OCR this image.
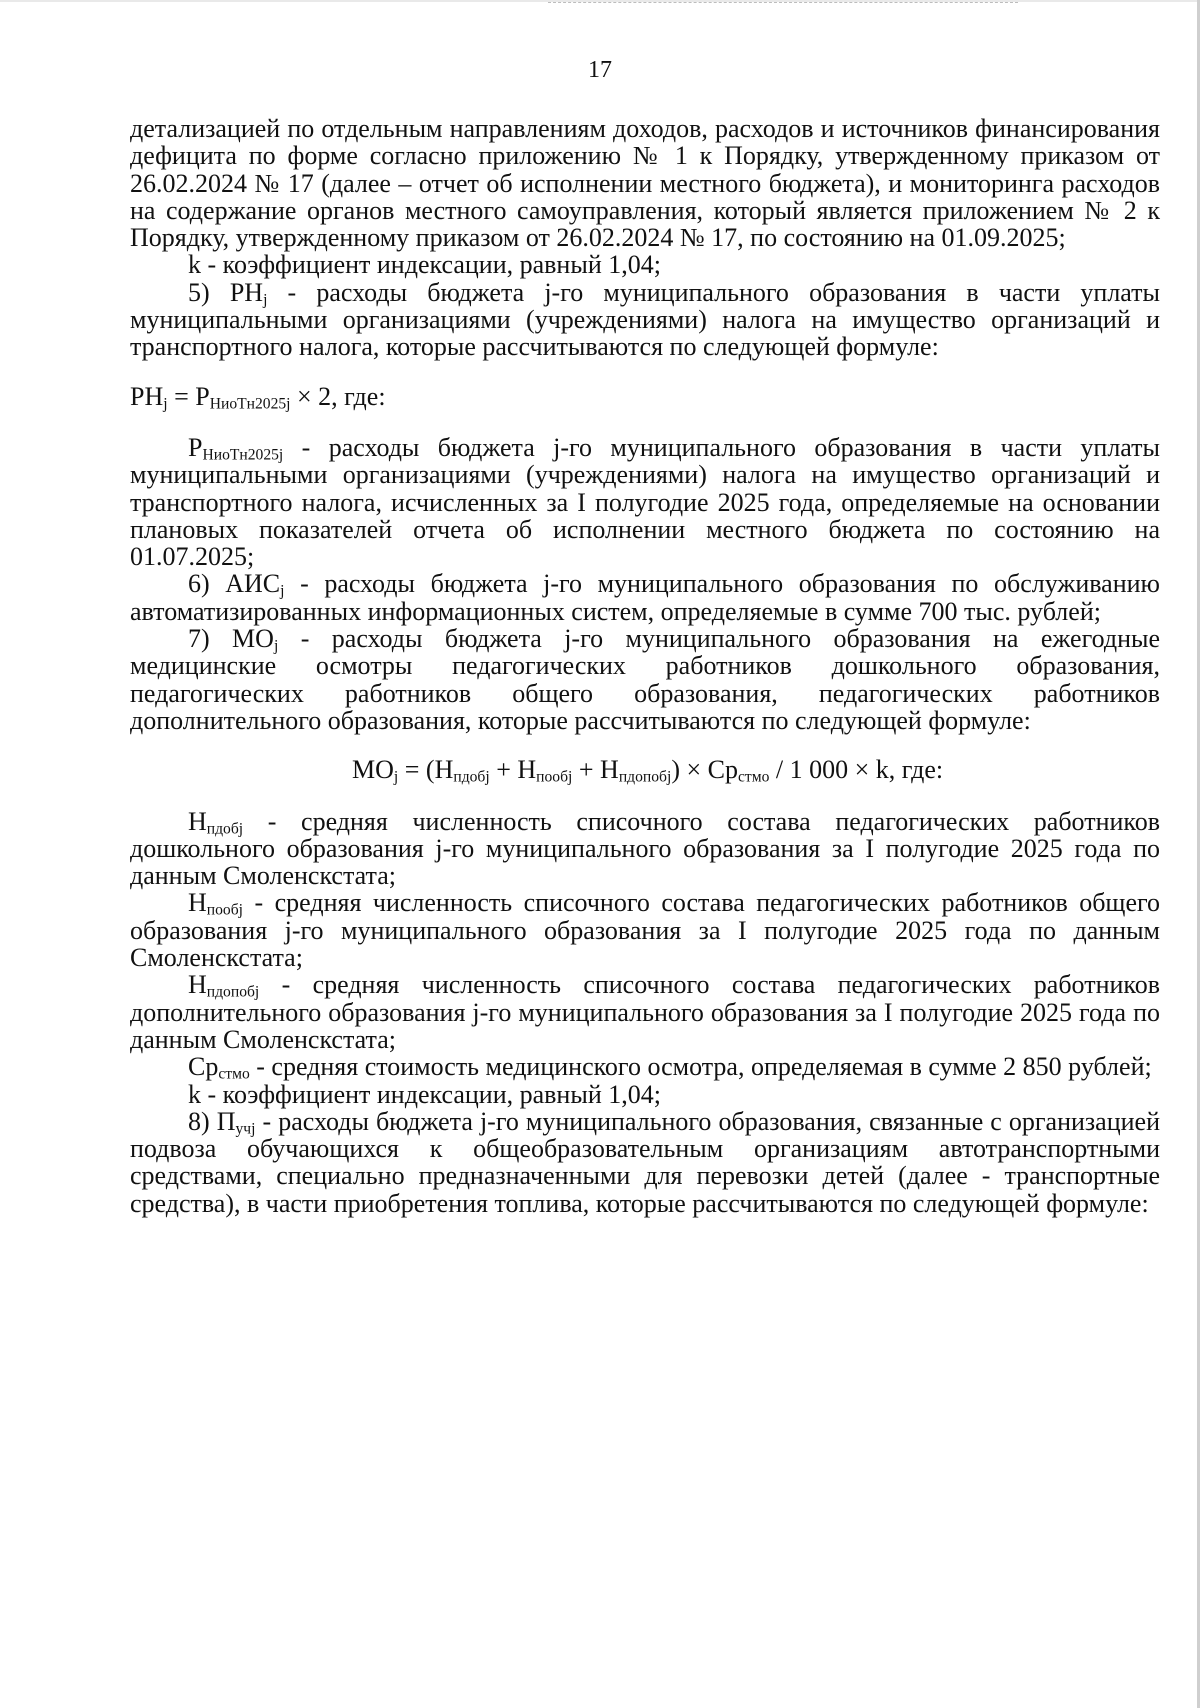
17

детализацией по отдельным направлениям доходов, расходов и источников финансирования дефицита по форме согласно приложению № 1 к Порядку, утвержденному приказом от 26.02.2024 № 17 (далее – отчет об исполнении местного бюджета), и мониторинга расходов на содержание органов местного самоуправления, который является приложением № 2 к Порядку, утвержденному приказом от 26.02.2024 № 17, по состоянию на 01.09.2025;

k - коэффициент индексации, равный 1,04;

5) $РН_j$ - расходы бюджета j-го муниципального образования в части уплаты муниципальными организациями (учреждениями) налога на имущество организаций и транспортного налога, которые рассчитываются по следующей формуле:

$РН_j = Р_{НиоТн2025j} \times 2$, где:

$Р_{НиоТн2025j}$ - расходы бюджета j-го муниципального образования в части уплаты муниципальными организациями (учреждениями) налога на имущество организаций и транспортного налога, исчисленных за I полугодие 2025 года, определяемые на основании плановых показателей отчета об исполнении местного бюджета по состоянию на 01.07.2025;

6) $АИС_j$ - расходы бюджета j-го муниципального образования по обслуживанию автоматизированных информационных систем, определяемые в сумме 700 тыс. рублей;

7) $МО_j$ - расходы бюджета j-го муниципального образования на ежегодные медицинские осмотры педагогических работников дошкольного образования, педагогических работников общего образования, педагогических работников дополнительного образования, которые рассчитываются по следующей формуле:

$МО_j = (Н_{пдобj} + Н_{пообj} + Н_{пдопобj}) \times Ср_{стмо} / 1$ 000 × k, где:

$Н_{пдобj}$ - средняя численность списочного состава педагогических работников дошкольного образования j-го муниципального образования за I полугодие 2025 года по данным Смоленскстата;

$Н_{пообj}$ - средняя численность списочного состава педагогических работников общего образования j-го муниципального образования за I полугодие 2025 года по данным Смоленскстата;

$Н_{пдопобj}$ - средняя численность списочного состава педагогических работников дополнительного образования j-го муниципального образования за I полугодие 2025 года по данным Смоленскстата;

$Ср_{стмо}$ - средняя стоимость медицинского осмотра, определяемая в сумме 2 850 рублей;

k - коэффициент индексации, равный 1,04;

8) $П_{учj}$ - расходы бюджета j-го муниципального образования, связанные с организацией подвоза обучающихся к общеобразовательным организациям автотранспортными средствами, специально предназначенными для перевозки детей (далее - транспортные средства), в части приобретения топлива, которые рассчитываются по следующей формуле:
